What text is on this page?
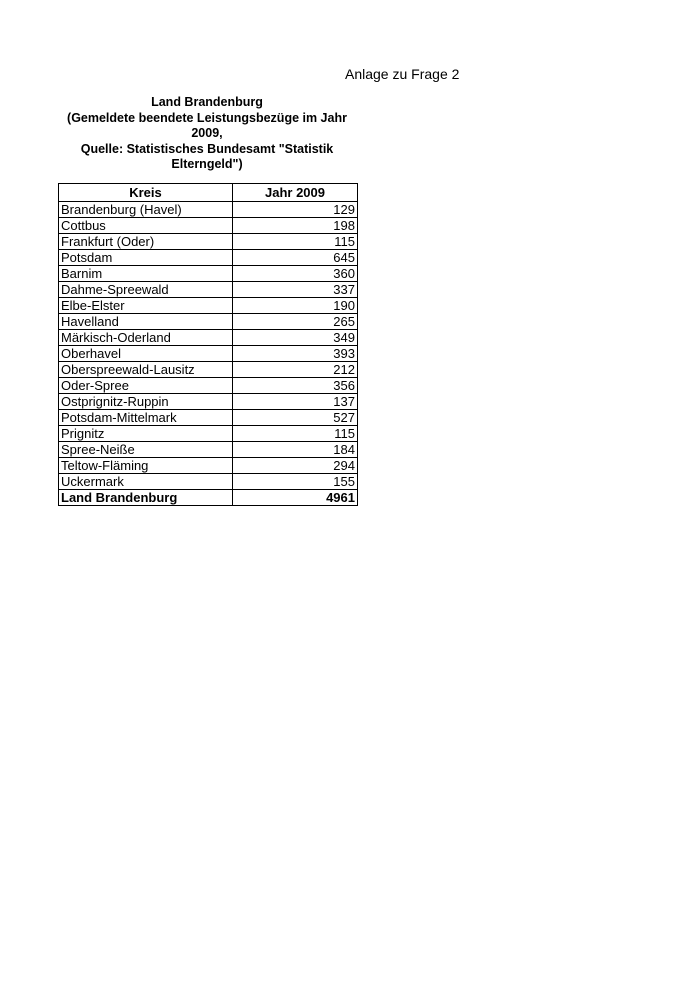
Anlage zu Frage 2
Land Brandenburg
(Gemeldete beendete Leistungsbezüge im Jahr
2009,
Quelle: Statistisches Bundesamt "Statistik
Elterngeld")
Kreis	Jahr 2009
Brandenburg (Havel)	129
Cottbus	198
Frankfurt (Oder)	115
Potsdam	645
Barnim	360
Dahme-Spreewald	337
Elbe-Elster	190
Havelland	265
Märkisch-Oderland	349
Oberhavel	393
Oberspreewald-Lausitz	212
Oder-Spree	356
Ostprignitz-Ruppin	137
Potsdam-Mittelmark	527
Prignitz	115
Spree-Neiße	184
Teltow-Fläming	294
Uckermark	155
Land Brandenburg	4961
